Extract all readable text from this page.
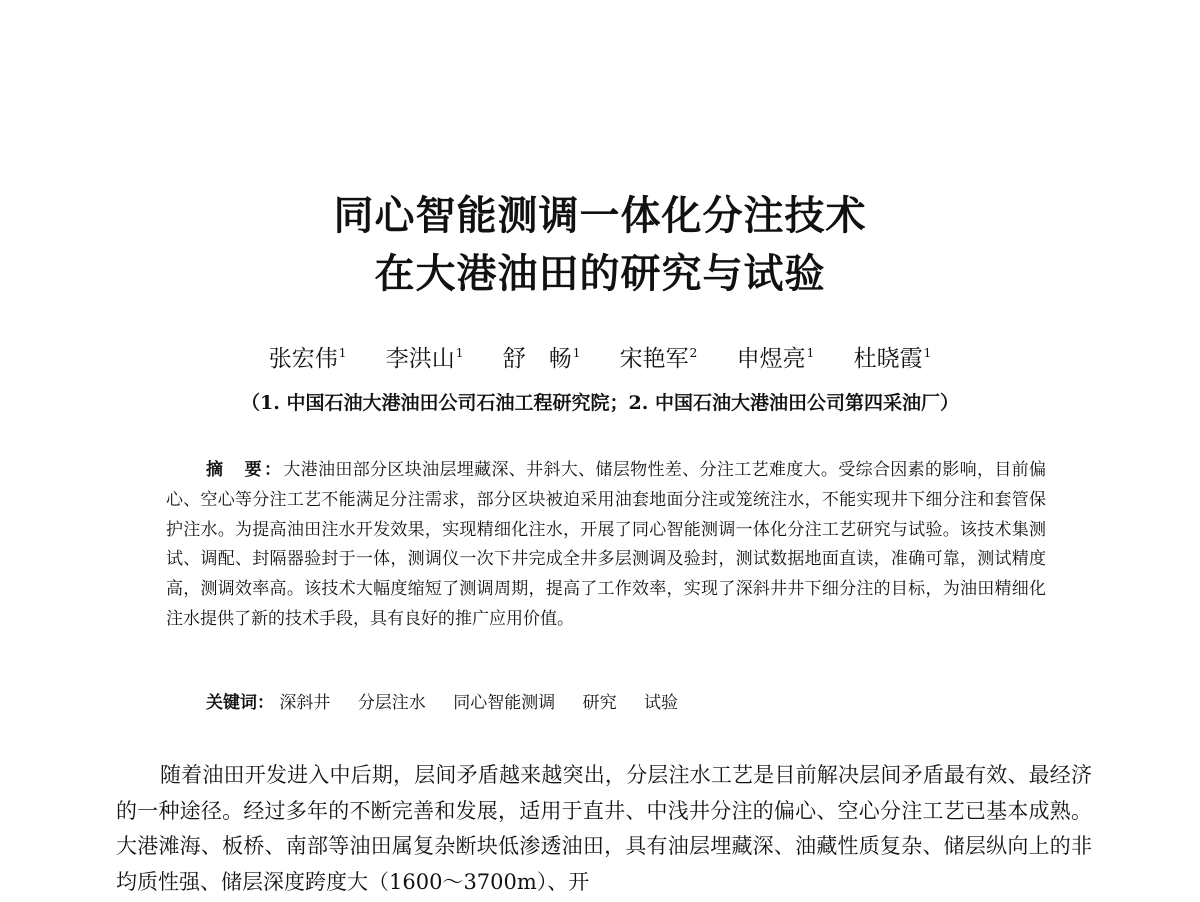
同心智能测调一体化分注技术
在大港油田的研究与试验
张宏伟$^1$ 李洪山$^1$ 舒　畅$^1$ 宋艳军$^2$ 申煜亮$^1$ 杜晓霞$^1$
（1. 中国石油大港油田公司石油工程研究院；2. 中国石油大港油田公司第四采油厂）
摘　要：大港油田部分区块油层埋藏深、井斜大、储层物性差、分注工艺难度大。受综合因素的影响，目前偏心、空心等分注工艺不能满足分注需求，部分区块被迫采用油套地面分注或笼统注水，不能实现井下细分注和套管保护注水。为提高油田注水开发效果，实现精细化注水，开展了同心智能测调一体化分注工艺研究与试验。该技术集测试、调配、封隔器验封于一体，测调仪一次下井完成全井多层测调及验封，测试数据地面直读，准确可靠，测试精度高，测调效率高。该技术大幅度缩短了测调周期，提高了工作效率，实现了深斜井井下细分注的目标，为油田精细化注水提供了新的技术手段，具有良好的推广应用价值。
关键词： 深斜井 分层注水 同心智能测调 研究 试验
随着油田开发进入中后期，层间矛盾越来越突出，分层注水工艺是目前解决层间矛盾最有效、最经济的一种途径。经过多年的不断完善和发展，适用于直井、中浅井分注的偏心、空心分注工艺已基本成熟。大港滩海、板桥、南部等油田属复杂断块低渗透油田，具有油层埋藏深、油藏性质复杂、储层纵向上的非均质性强、储层深度跨度大（1600～3700m）、开
